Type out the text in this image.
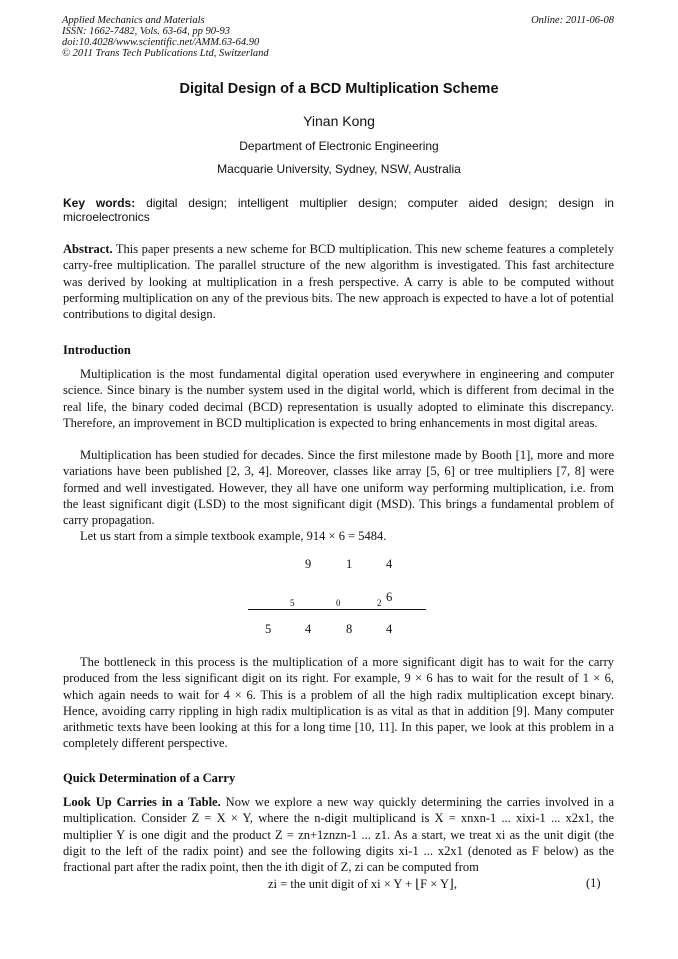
Applied Mechanics and Materials
ISSN: 1662-7482, Vols. 63-64, pp 90-93
doi:10.4028/www.scientific.net/AMM.63-64.90
© 2011 Trans Tech Publications Ltd, Switzerland
Online: 2011-06-08
Digital Design of a BCD Multiplication Scheme
Yinan Kong
Department of Electronic Engineering
Macquarie University, Sydney, NSW, Australia
Key words: digital design; intelligent multiplier design; computer aided design; design in microelectronics
Abstract. This paper presents a new scheme for BCD multiplication. This new scheme features a completely carry-free multiplication. The parallel structure of the new algorithm is investigated. This fast architecture was derived by looking at multiplication in a fresh perspective. A carry is able to be computed without performing multiplication on any of the previous bits. The new approach is expected to have a lot of potential contributions to digital design.
Introduction
Multiplication is the most fundamental digital operation used everywhere in engineering and computer science. Since binary is the number system used in the digital world, which is different from decimal in the real life, the binary coded decimal (BCD) representation is usually adopted to eliminate this discrepancy. Therefore, an improvement in BCD multiplication is expected to bring enhancements in most digital areas.
Multiplication has been studied for decades. Since the first milestone made by Booth [1], more and more variations have been published [2, 3, 4]. Moreover, classes like array [5, 6] or tree multipliers [7, 8] were formed and well investigated. However, they all have one uniform way performing multiplication, i.e. from the least significant digit (LSD) to the most significant digit (MSD). This brings a fundamental problem of carry propagation.
Let us start from a simple textbook example, 914 × 6 = 5484.
9	1	4
6
5	0	2
5	4	8	4
The bottleneck in this process is the multiplication of a more significant digit has to wait for the carry produced from the less significant digit on its right. For example, 9 × 6 has to wait for the result of 1 × 6, which again needs to wait for 4 × 6. This is a problem of all the high radix multiplication except binary. Hence, avoiding carry rippling in high radix multiplication is as vital as that in addition [9]. Many computer arithmetic texts have been looking at this for a long time [10, 11]. In this paper, we look at this problem in a completely different perspective.
Quick Determination of a Carry
Look Up Carries in a Table. Now we explore a new way quickly determining the carries involved in a multiplication. Consider Z = X × Y, where the n-digit multiplicand is X = xnxn-1 ... xixi-1 ... x2x1, the multiplier Y is one digit and the product Z = zn+1znzn-1 ... z1. As a start, we treat xi as the unit digit (the digit to the left of the radix point) and see the following digits xi-1 ... x2x1 (denoted as F below) as the fractional part after the radix point, then the ith digit of Z, zi can be computed from
zi = the unit digit of xi × Y + ⌊F × Y⌋,	(1)
